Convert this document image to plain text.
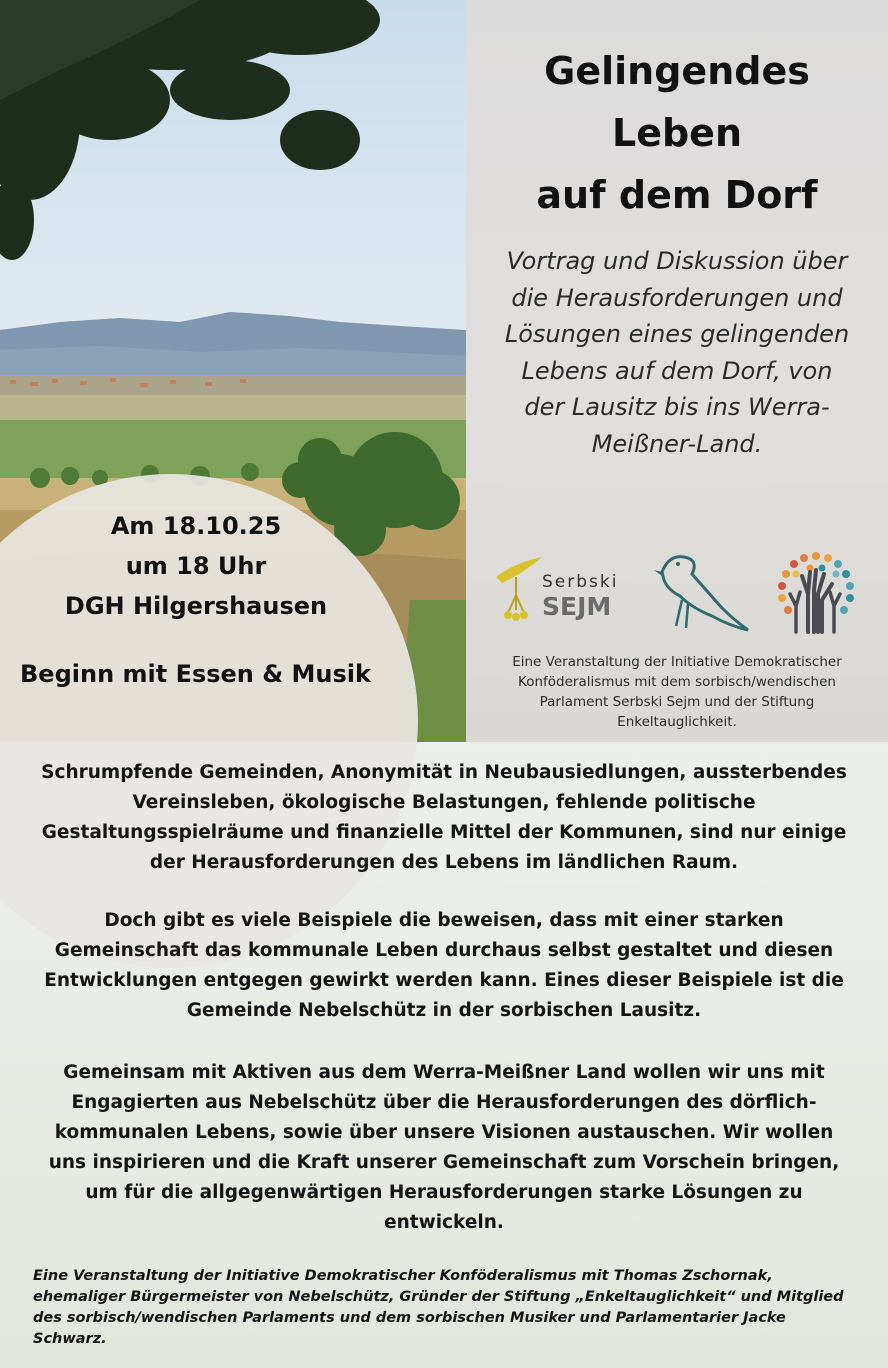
Gelingendes
Leben
auf dem Dorf
Vortrag und Diskussion über
die Herausforderungen und
Lösungen eines gelingenden
Lebens auf dem Dorf, von
der Lausitz bis ins Werra-
Meißner-Land.
Serbski
SEJM
Eine Veranstaltung der Initiative Demokratischer
Konföderalismus mit dem sorbisch/wendischen
Parlament Serbski Sejm und der Stiftung
Enkeltauglichkeit.
Am 18.10.25
um 18 Uhr
DGH Hilgershausen
Beginn mit Essen & Musik
Schrumpfende Gemeinden, Anonymität in Neubausiedlungen, aussterbendes
Vereinsleben, ökologische Belastungen, fehlende politische
Gestaltungsspielräume und finanzielle Mittel der Kommunen, sind nur einige
der Herausforderungen des Lebens im ländlichen Raum.
Doch gibt es viele Beispiele die beweisen, dass mit einer starken
Gemeinschaft das kommunale Leben durchaus selbst gestaltet und diesen
Entwicklungen entgegen gewirkt werden kann. Eines dieser Beispiele ist die
Gemeinde Nebelschütz in der sorbischen Lausitz.
Gemeinsam mit Aktiven aus dem Werra-Meißner Land wollen wir uns mit
Engagierten aus Nebelschütz über die Herausforderungen des dörflich-
kommunalen Lebens, sowie über unsere Visionen austauschen. Wir wollen
uns inspirieren und die Kraft unserer Gemeinschaft zum Vorschein bringen,
um für die allgegenwärtigen Herausforderungen starke Lösungen zu
entwickeln.
Eine Veranstaltung der Initiative Demokratischer Konföderalismus mit Thomas Zschornak,
ehemaliger Bürgermeister von Nebelschütz, Gründer der Stiftung „Enkeltauglichkeit“ und Mitglied
des sorbisch/wendischen Parlaments und dem sorbischen Musiker und Parlamentarier Jacke
Schwarz.
